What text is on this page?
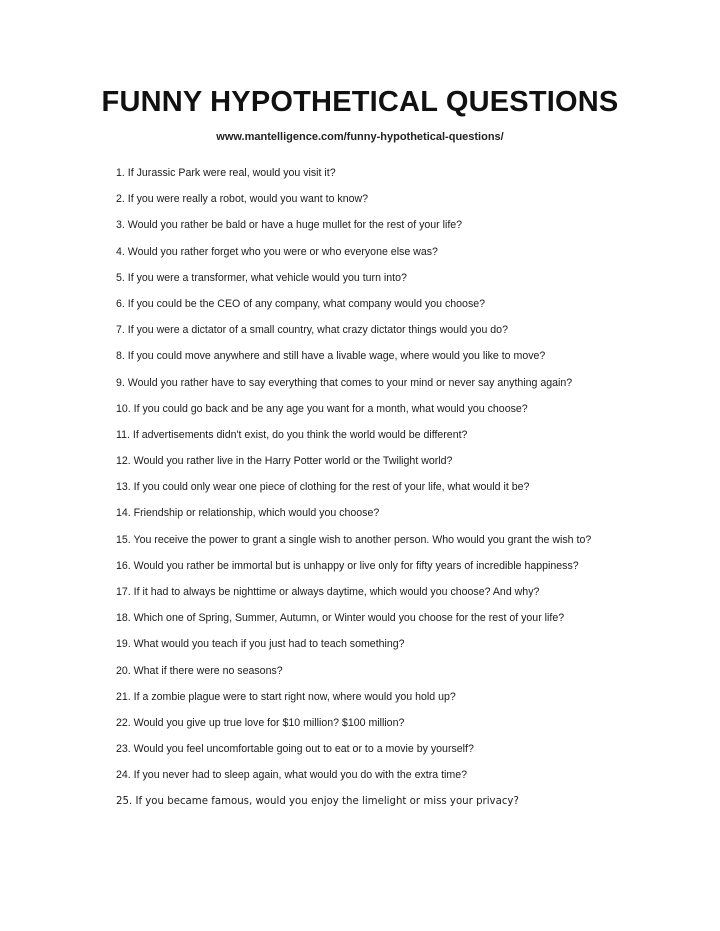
FUNNY HYPOTHETICAL QUESTIONS
www.mantelligence.com/funny-hypothetical-questions/
1. If Jurassic Park were real, would you visit it?
2. If you were really a robot, would you want to know?
3. Would you rather be bald or have a huge mullet for the rest of your life?
4. Would you rather forget who you were or who everyone else was?
5. If you were a transformer, what vehicle would you turn into?
6. If you could be the CEO of any company, what company would you choose?
7. If you were a dictator of a small country, what crazy dictator things would you do?
8. If you could move anywhere and still have a livable wage, where would you like to move?
9. Would you rather have to say everything that comes to your mind or never say anything again?
10. If you could go back and be any age you want for a month, what would you choose?
11. If advertisements didn't exist, do you think the world would be different?
12. Would you rather live in the Harry Potter world or the Twilight world?
13. If you could only wear one piece of clothing for the rest of your life, what would it be?
14. Friendship or relationship, which would you choose?
15. You receive the power to grant a single wish to another person. Who would you grant the wish to?
16. Would you rather be immortal but is unhappy or live only for fifty years of incredible happiness?
17. If it had to always be nighttime or always daytime, which would you choose? And why?
18. Which one of Spring, Summer, Autumn, or Winter would you choose for the rest of your life?
19. What would you teach if you just had to teach something?
20. What if there were no seasons?
21. If a zombie plague were to start right now, where would you hold up?
22. Would you give up true love for $10 million? $100 million?
23. Would you feel uncomfortable going out to eat or to a movie by yourself?
24. If you never had to sleep again, what would you do with the extra time?
25. If you became famous, would you enjoy the limelight or miss your privacy?
